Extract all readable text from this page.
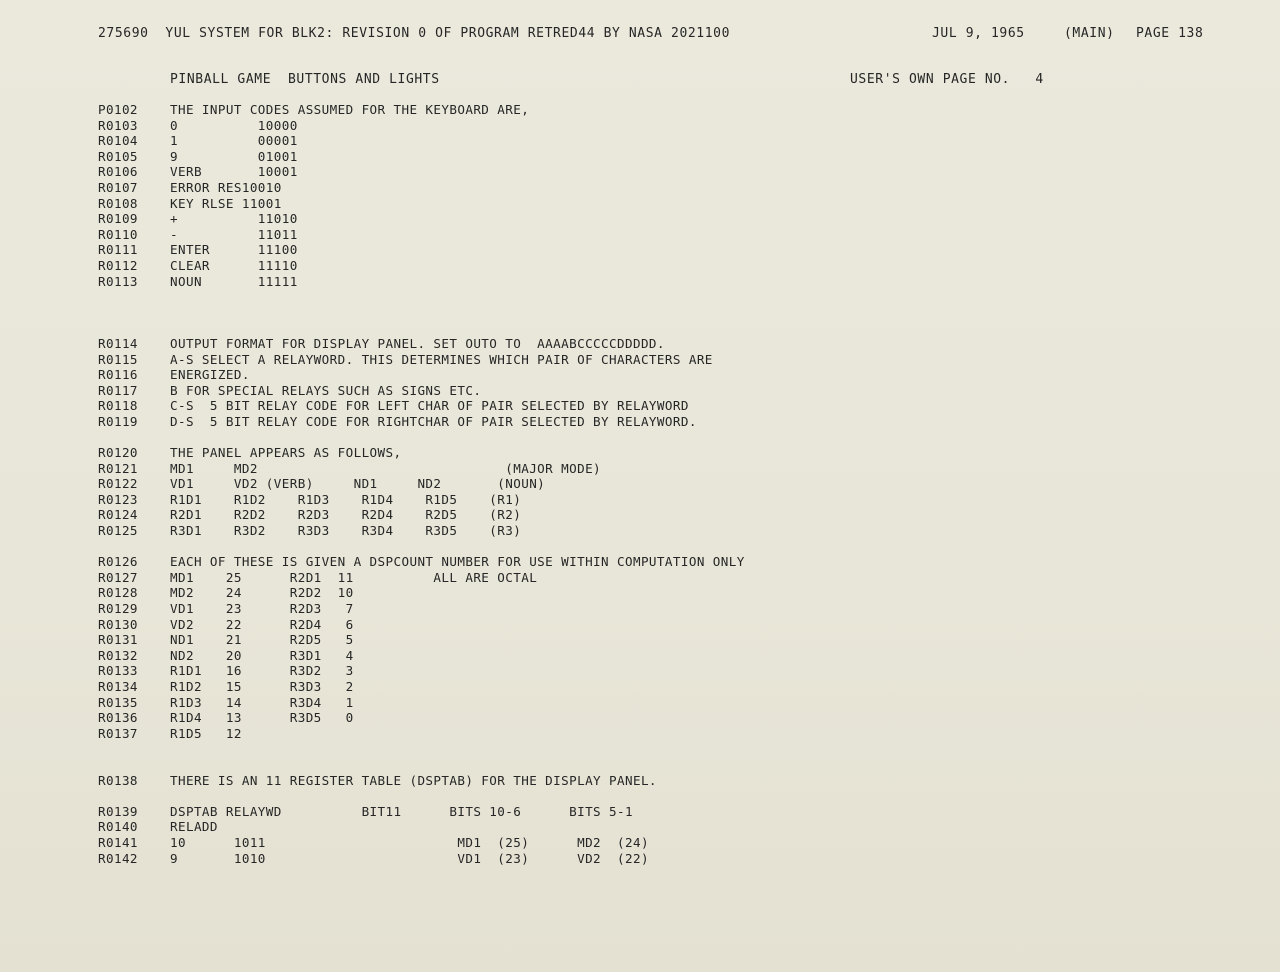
275690  YUL SYSTEM FOR BLK2: REVISION 0 OF PROGRAM RETRED44 BY NASA 2021100	JUL 9, 1965	(MAIN) PAGE 138
PINBALL GAME  BUTTONS AND LIGHTS	USER'S OWN PAGE NO.   4
P0102	THE INPUT CODES ASSUMED FOR THE KEYBOARD ARE,
R0103	0          10000
R0104	1          00001
R0105	9          01001
R0106	VERB       10001
R0107	ERROR RES10010
R0108	KEY RLSE 11001
R0109	+          11010
R0110	-          11011
R0111	ENTER      11100
R0112	CLEAR      11110
R0113	NOUN       11111
R0114	OUTPUT FORMAT FOR DISPLAY PANEL. SET OUTO TO  AAAABCCCCCDDDDD.
R0115	A-S SELECT A RELAYWORD. THIS DETERMINES WHICH PAIR OF CHARACTERS ARE
R0116	ENERGIZED.
R0117	B FOR SPECIAL RELAYS SUCH AS SIGNS ETC.
R0118	C-S  5 BIT RELAY CODE FOR LEFT CHAR OF PAIR SELECTED BY RELAYWORD
R0119	D-S  5 BIT RELAY CODE FOR RIGHTCHAR OF PAIR SELECTED BY RELAYWORD.
R0120	THE PANEL APPEARS AS FOLLOWS,
R0121	MD1     MD2                               (MAJOR MODE)
R0122	VD1     VD2 (VERB)     ND1     ND2       (NOUN)
R0123	R1D1    R1D2    R1D3    R1D4    R1D5    (R1)
R0124	R2D1    R2D2    R2D3    R2D4    R2D5    (R2)
R0125	R3D1    R3D2    R3D3    R3D4    R3D5    (R3)
R0126	EACH OF THESE IS GIVEN A DSPCOUNT NUMBER FOR USE WITHIN COMPUTATION ONLY
R0127	MD1    25      R2D1  11          ALL ARE OCTAL
R0128	MD2    24      R2D2  10
R0129	VD1    23      R2D3   7
R0130	VD2    22      R2D4   6
R0131	ND1    21      R2D5   5
R0132	ND2    20      R3D1   4
R0133	R1D1   16      R3D2   3
R0134	R1D2   15      R3D3   2
R0135	R1D3   14      R3D4   1
R0136	R1D4   13      R3D5   0
R0137	R1D5   12
R0138	THERE IS AN 11 REGISTER TABLE (DSPTAB) FOR THE DISPLAY PANEL.
R0139	DSPTAB RELAYWD          BIT11      BITS 10-6      BITS 5-1
R0140	RELADD
R0141	10      1011                        MD1  (25)      MD2  (24)
R0142	9       1010                        VD1  (23)      VD2  (22)
